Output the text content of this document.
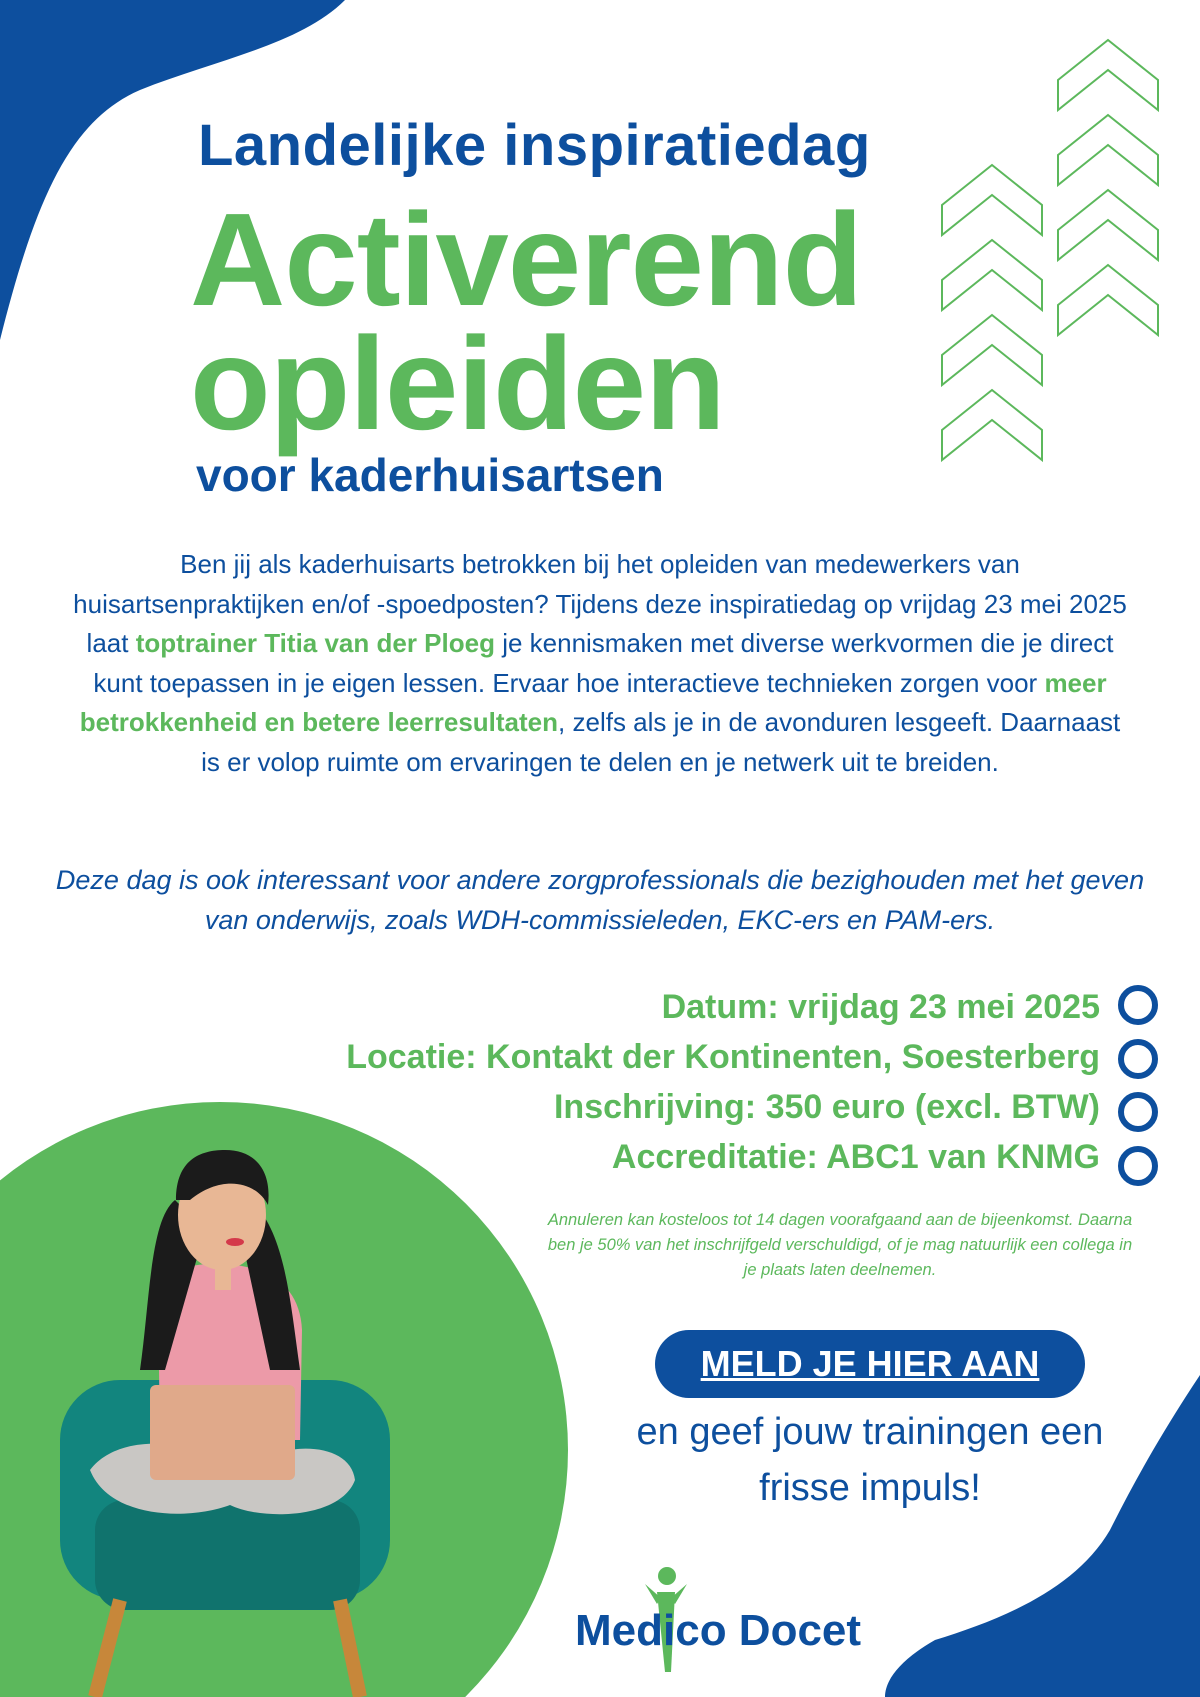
Landelijke inspiratiedag
Activerend
opleiden
voor kaderhuisartsen
Ben jij als kaderhuisarts betrokken bij het opleiden van medewerkers van huisartsenpraktijken en/of -spoedposten? Tijdens deze inspiratiedag op vrijdag 23 mei 2025 laat toptrainer Titia van der Ploeg je kennismaken met diverse werkvormen die je direct kunt toepassen in je eigen lessen. Ervaar hoe interactieve technieken zorgen voor meer betrokkenheid en betere leerresultaten, zelfs als je in de avonduren lesgeeft. Daarnaast is er volop ruimte om ervaringen te delen en je netwerk uit te breiden.
Deze dag is ook interessant voor andere zorgprofessionals die bezighouden met het geven van onderwijs, zoals WDH-commissieleden, EKC-ers en PAM-ers.
Datum: vrijdag 23 mei 2025
Locatie: Kontakt der Kontinenten, Soesterberg
Inschrijving: 350 euro (excl. BTW)
Accreditatie: ABC1 van KNMG
Annuleren kan kosteloos tot 14 dagen voorafgaand aan de bijeenkomst. Daarna ben je 50% van het inschrijfgeld verschuldigd, of je mag natuurlijk een collega in je plaats laten deelnemen.
MELD JE HIER AAN
en geef jouw trainingen een frisse impuls!
Medico Docet
